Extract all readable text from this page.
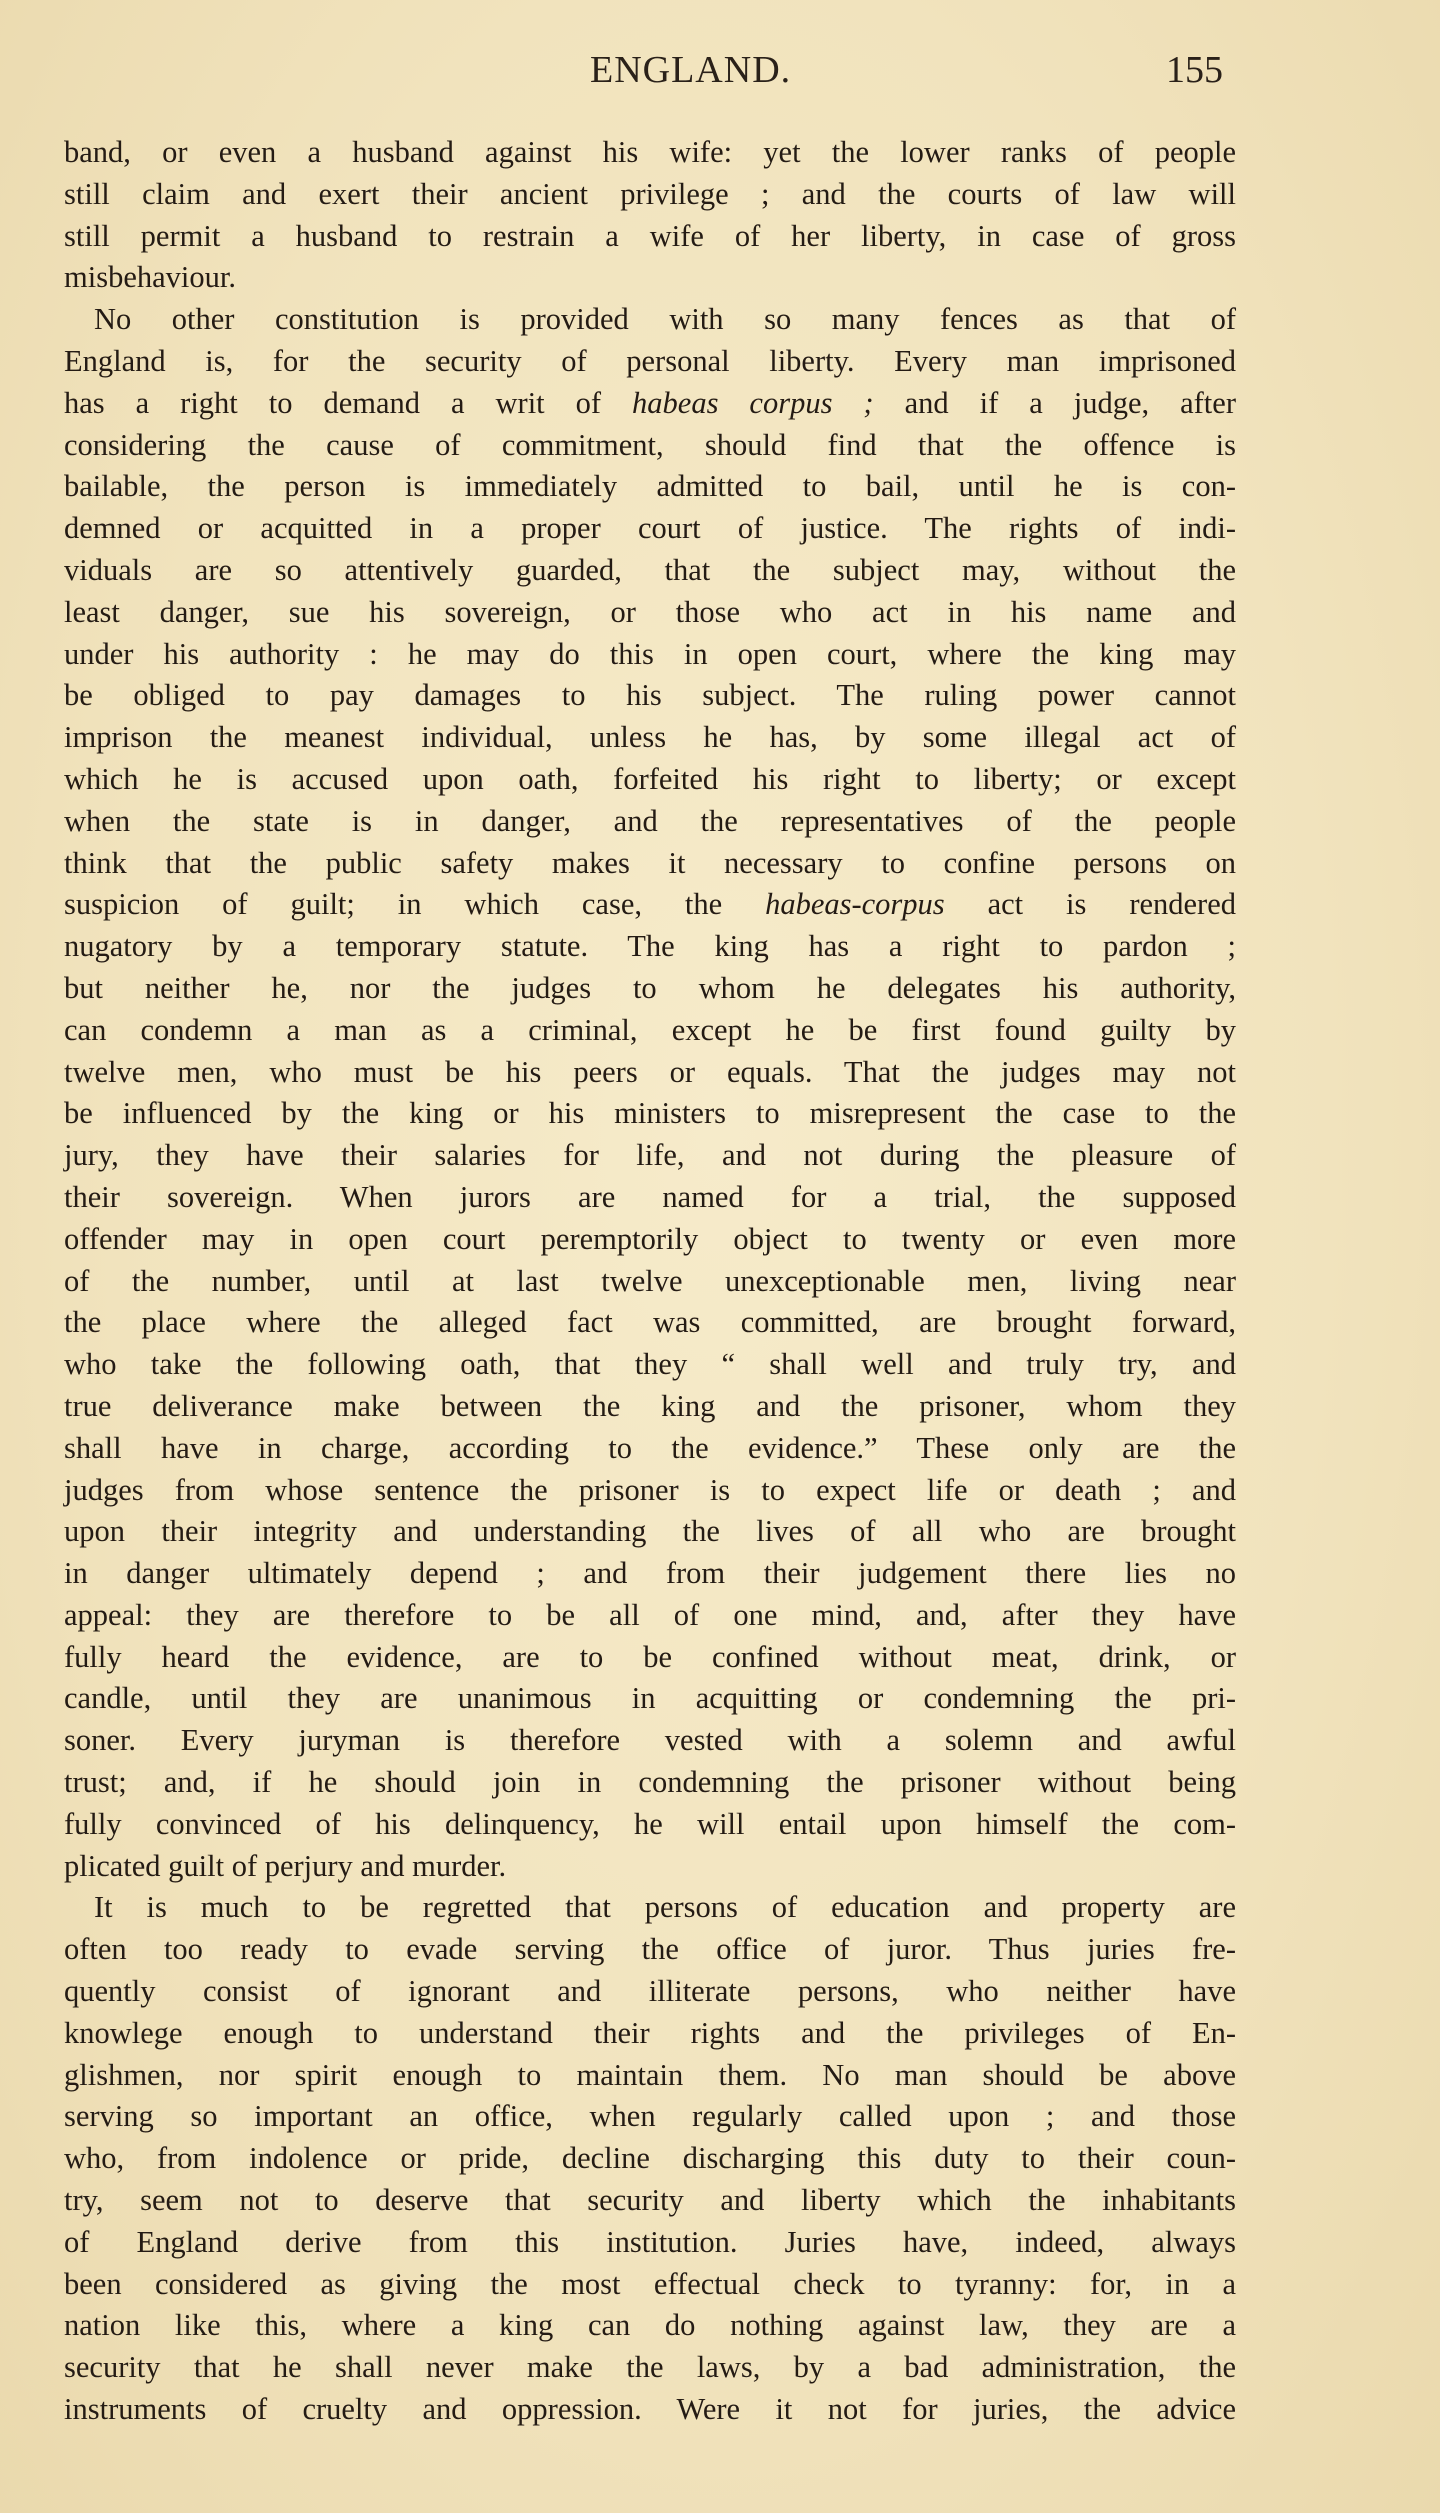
ENGLAND.	155
band, or even a husband against his wife: yet the lower ranks of people
still claim and exert their ancient privilege ; and the courts of law will
still permit a husband to restrain a wife of her liberty, in case of gross
misbehaviour.
No other constitution is provided with so many fences as that of
England is, for the security of personal liberty. Every man imprisoned
has a right to demand a writ of habeas corpus ; and if a judge, after
considering the cause of commitment, should find that the offence is
bailable, the person is immediately admitted to bail, until he is con-
demned or acquitted in a proper court of justice. The rights of indi-
viduals are so attentively guarded, that the subject may, without the
least danger, sue his sovereign, or those who act in his name and
under his authority : he may do this in open court, where the king may
be obliged to pay damages to his subject. The ruling power cannot
imprison the meanest individual, unless he has, by some illegal act of
which he is accused upon oath, forfeited his right to liberty; or except
when the state is in danger, and the representatives of the people
think that the public safety makes it necessary to confine persons on
suspicion of guilt; in which case, the habeas-corpus act is rendered
nugatory by a temporary statute. The king has a right to pardon ;
but neither he, nor the judges to whom he delegates his authority,
can condemn a man as a criminal, except he be first found guilty by
twelve men, who must be his peers or equals. That the judges may not
be influenced by the king or his ministers to misrepresent the case to the
jury, they have their salaries for life, and not during the pleasure of
their sovereign. When jurors are named for a trial, the supposed
offender may in open court peremptorily object to twenty or even more
of the number, until at last twelve unexceptionable men, living near
the place where the alleged fact was committed, are brought forward,
who take the following oath, that they “ shall well and truly try, and
true deliverance make between the king and the prisoner, whom they
shall have in charge, according to the evidence.” These only are the
judges from whose sentence the prisoner is to expect life or death ; and
upon their integrity and understanding the lives of all who are brought
in danger ultimately depend ; and from their judgement there lies no
appeal: they are therefore to be all of one mind, and, after they have
fully heard the evidence, are to be confined without meat, drink, or
candle, until they are unanimous in acquitting or condemning the pri-
soner. Every juryman is therefore vested with a solemn and awful
trust; and, if he should join in condemning the prisoner without being
fully convinced of his delinquency, he will entail upon himself the com-
plicated guilt of perjury and murder.
It is much to be regretted that persons of education and property are
often too ready to evade serving the office of juror. Thus juries fre-
quently consist of ignorant and illiterate persons, who neither have
knowlege enough to understand their rights and the privileges of En-
glishmen, nor spirit enough to maintain them. No man should be above
serving so important an office, when regularly called upon ; and those
who, from indolence or pride, decline discharging this duty to their coun-
try, seem not to deserve that security and liberty which the inhabitants
of England derive from this institution. Juries have, indeed, always
been considered as giving the most effectual check to tyranny: for, in a
nation like this, where a king can do nothing against law, they are a
security that he shall never make the laws, by a bad administration, the
instruments of cruelty and oppression. Were it not for juries, the advice
